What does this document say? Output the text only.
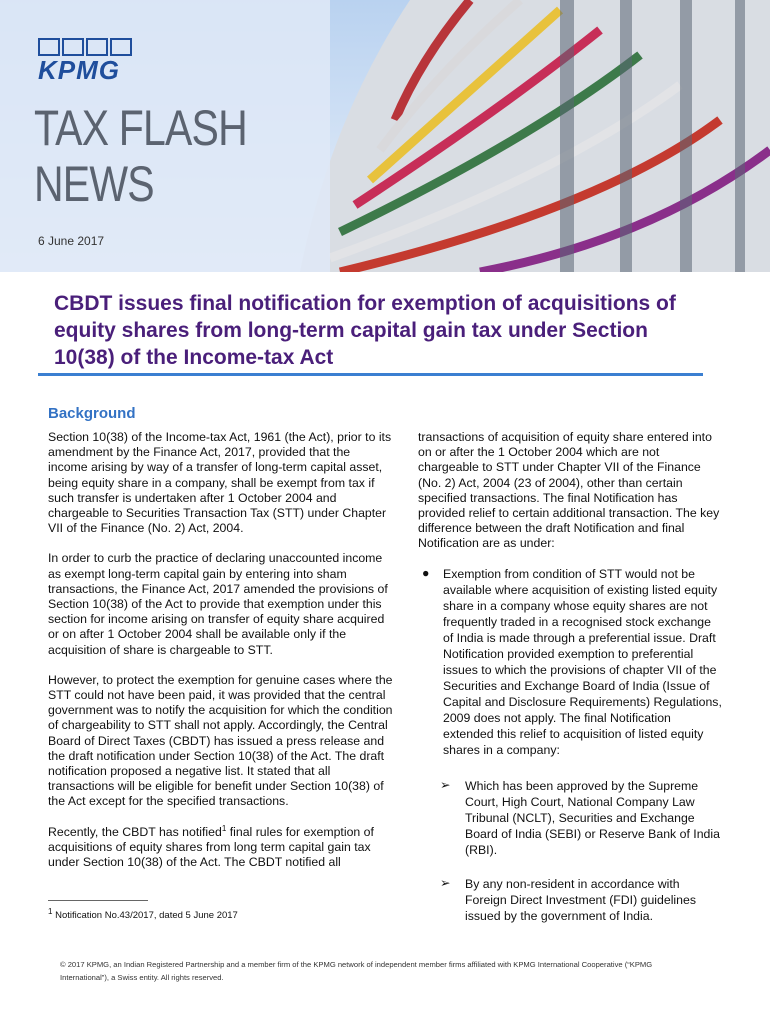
KPMG
TAX FLASH
NEWS
6 June 2017
CBDT issues final notification for exemption of acquisitions of equity shares from long-term capital gain tax under Section 10(38) of the Income-tax Act
Background

Section 10(38) of the Income-tax Act, 1961 (the Act), prior to its amendment by the Finance Act, 2017, provided that the income arising by way of a transfer of long-term capital asset, being equity share in a company, shall be exempt from tax if such transfer is undertaken after 1 October 2004 and chargeable to Securities Transaction Tax (STT) under Chapter VII of the Finance (No. 2) Act, 2004.

In order to curb the practice of declaring unaccounted income as exempt long-term capital gain by entering into sham transactions, the Finance Act, 2017 amended the provisions of Section 10(38) of the Act to provide that exemption under this section for income arising on transfer of equity share acquired or on after 1 October 2004 shall be available only if the acquisition of share is chargeable to STT.

However, to protect the exemption for genuine cases where the STT could not have been paid, it was provided that the central government was to notify the acquisition for which the condition of chargeability to STT shall not apply. Accordingly, the Central Board of Direct Taxes (CBDT) has issued a press release and the draft notification under Section 10(38) of the Act. The draft notification proposed a negative list. It stated that all transactions will be eligible for benefit under Section 10(38) of the Act except for the specified transactions.

Recently, the CBDT has notified$^1$ final rules for exemption of acquisitions of equity shares from long term capital gain tax under Section 10(38) of the Act. The CBDT notified all

transactions of acquisition of equity share entered into on or after the 1 October 2004 which are not chargeable to STT under Chapter VII of the Finance (No. 2) Act, 2004 (23 of 2004), other than certain specified transactions. The final Notification has provided relief to certain additional transaction. The key difference between the draft Notification and final Notification are as under:

●	Exemption from condition of STT would not be available where acquisition of existing listed equity share in a company whose equity shares are not frequently traded in a recognised stock exchange of India is made through a preferential issue. Draft Notification provided exemption to preferential issues to which the provisions of chapter VII of the Securities and Exchange Board of India (Issue of Capital and Disclosure Requirements) Regulations, 2009 does not apply. The final Notification extended this relief to acquisition of listed equity shares in a company:
➢	Which has been approved by the Supreme Court, High Court, National Company Law Tribunal (NCLT), Securities and Exchange Board of India (SEBI) or Reserve Bank of India (RBI).
➢	By any non-resident in accordance with Foreign Direct Investment (FDI) guidelines issued by the government of India.
$^1$ Notification No.43/2017, dated 5 June 2017
© 2017 KPMG, an Indian Registered Partnership and a member firm of the KPMG network of independent member firms affiliated with KPMG International Cooperative (“KPMG International”), a Swiss entity. All rights reserved.
